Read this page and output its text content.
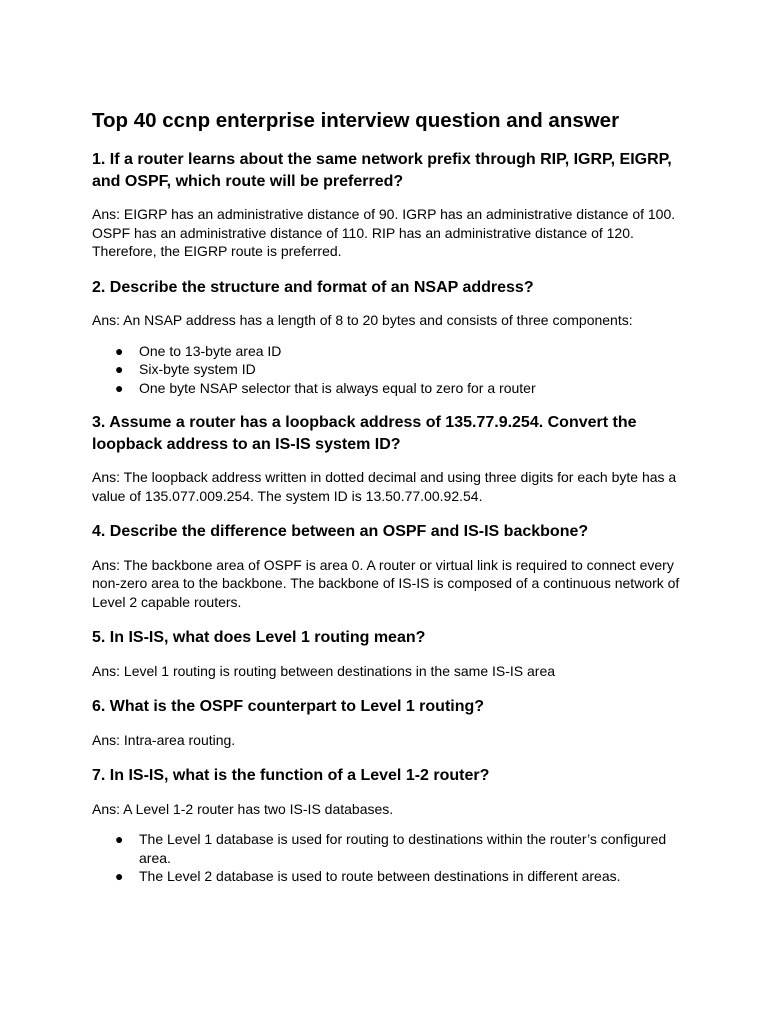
Top 40 ccnp enterprise interview question and answer
1. If a router learns about the same network prefix through RIP, IGRP, EIGRP, and OSPF, which route will be preferred?

Ans: EIGRP has an administrative distance of 90. IGRP has an administrative distance of 100. OSPF has an administrative distance of 110. RIP has an administrative distance of 120. Therefore, the EIGRP route is preferred.

2. Describe the structure and format of an NSAP address?

Ans: An NSAP address has a length of 8 to 20 bytes and consists of three components:

● One to 13-byte area ID
● Six-byte system ID
● One byte NSAP selector that is always equal to zero for a router
3. Assume a router has a loopback address of 135.77.9.254. Convert the loopback address to an IS-IS system ID?

Ans: The loopback address written in dotted decimal and using three digits for each byte has a value of 135.077.009.254. The system ID is 13.50.77.00.92.54.

4. Describe the difference between an OSPF and IS-IS backbone?

Ans: The backbone area of OSPF is area 0. A router or virtual link is required to connect every non-zero area to the backbone. The backbone of IS-IS is composed of a continuous network of Level 2 capable routers.

5. In IS-IS, what does Level 1 routing mean?

Ans: Level 1 routing is routing between destinations in the same IS-IS area

6. What is the OSPF counterpart to Level 1 routing?

Ans: Intra-area routing.

7. In IS-IS, what is the function of a Level 1-2 router?

Ans: A Level 1-2 router has two IS-IS databases.

● The Level 1 database is used for routing to destinations within the router’s configured area.
● The Level 2 database is used to route between destinations in different areas.
